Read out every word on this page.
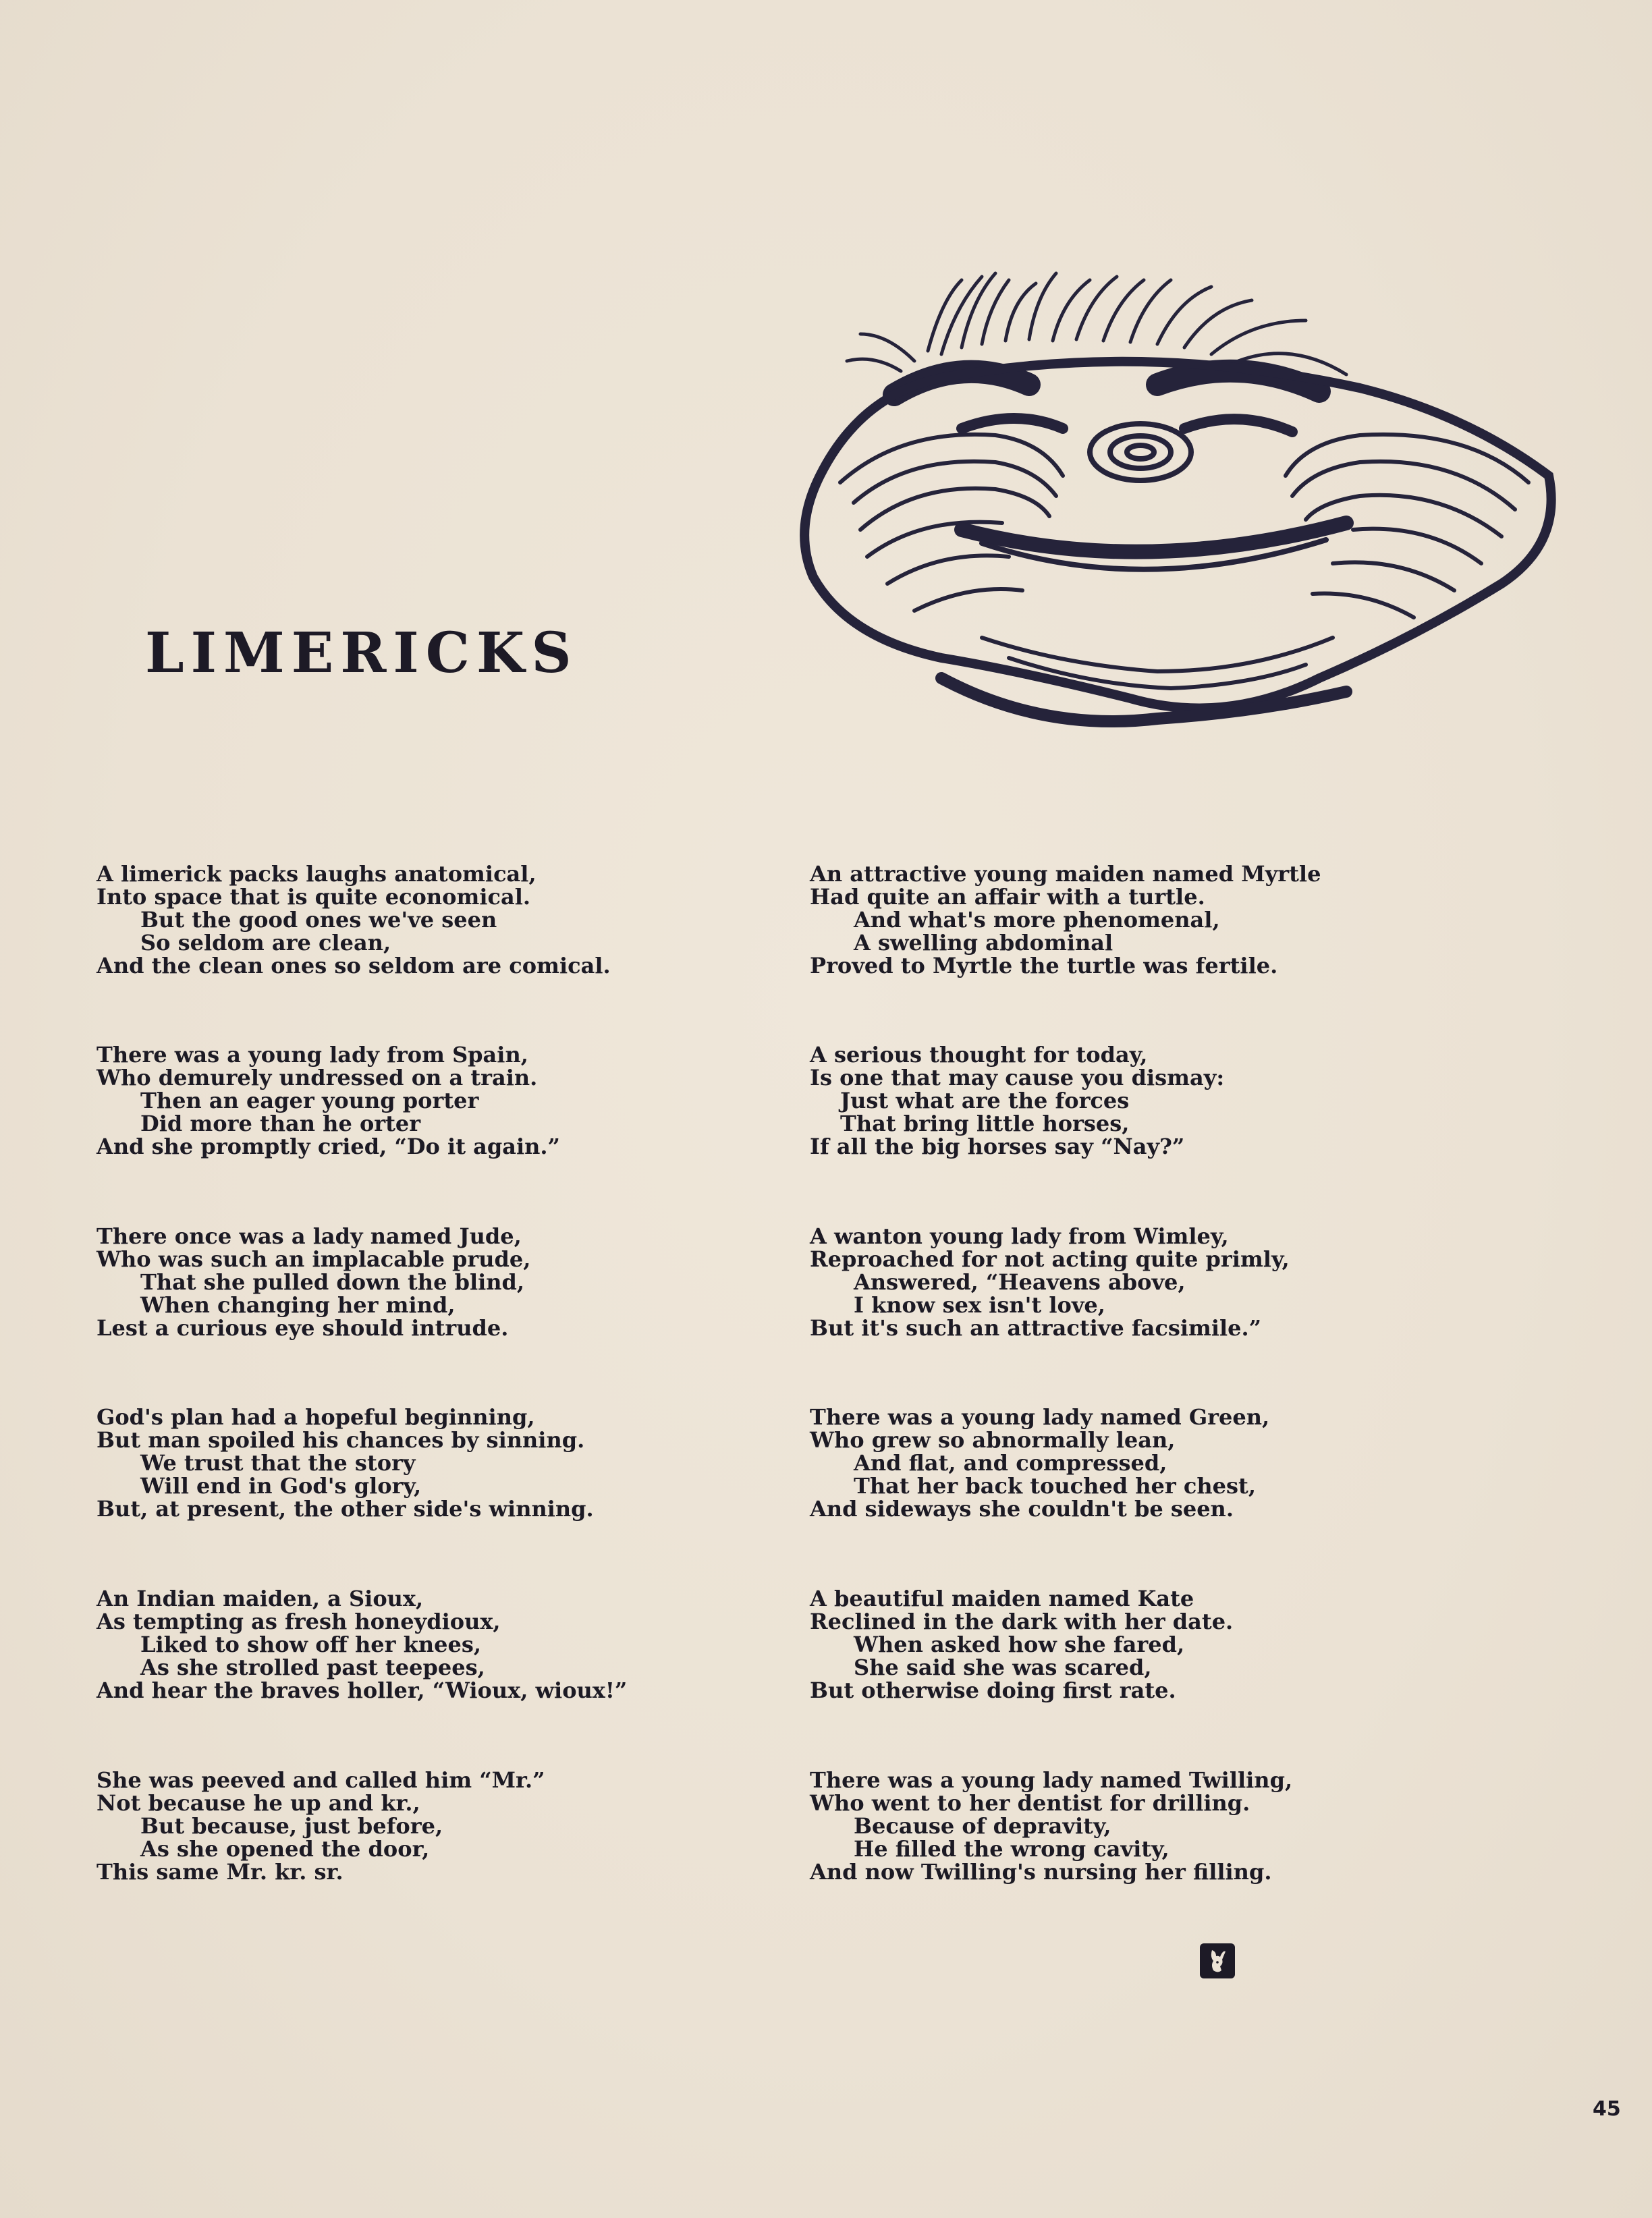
LIMERICKS
A limerick packs laughs anatomical,
Into space that is quite economical.
But the good ones we've seen
So seldom are clean,
And the clean ones so seldom are comical.
There was a young lady from Spain,
Who demurely undressed on a train.
Then an eager young porter
Did more than he orter
And she promptly cried, “Do it again.”
There once was a lady named Jude,
Who was such an implacable prude,
That she pulled down the blind,
When changing her mind,
Lest a curious eye should intrude.
God's plan had a hopeful beginning,
But man spoiled his chances by sinning.
We trust that the story
Will end in God's glory,
But, at present, the other side's winning.
An Indian maiden, a Sioux,
As tempting as fresh honeydioux,
Liked to show off her knees,
As she strolled past teepees,
And hear the braves holler, “Wioux, wioux!”
She was peeved and called him “Mr.”
Not because he up and kr.,
But because, just before,
As she opened the door,
This same Mr. kr. sr.
An attractive young maiden named Myrtle
Had quite an affair with a turtle.
And what's more phenomenal,
A swelling abdominal
Proved to Myrtle the turtle was fertile.
A serious thought for today,
Is one that may cause you dismay:
Just what are the forces
That bring little horses,
If all the big horses say “Nay?”
A wanton young lady from Wimley,
Reproached for not acting quite primly,
Answered, “Heavens above,
I know sex isn't love,
But it's such an attractive facsimile.”
There was a young lady named Green,
Who grew so abnormally lean,
And flat, and compressed,
That her back touched her chest,
And sideways she couldn't be seen.
A beautiful maiden named Kate
Reclined in the dark with her date.
When asked how she fared,
She said she was scared,
But otherwise doing first rate.
There was a young lady named Twilling,
Who went to her dentist for drilling.
Because of depravity,
He filled the wrong cavity,
And now Twilling's nursing her filling.
45
